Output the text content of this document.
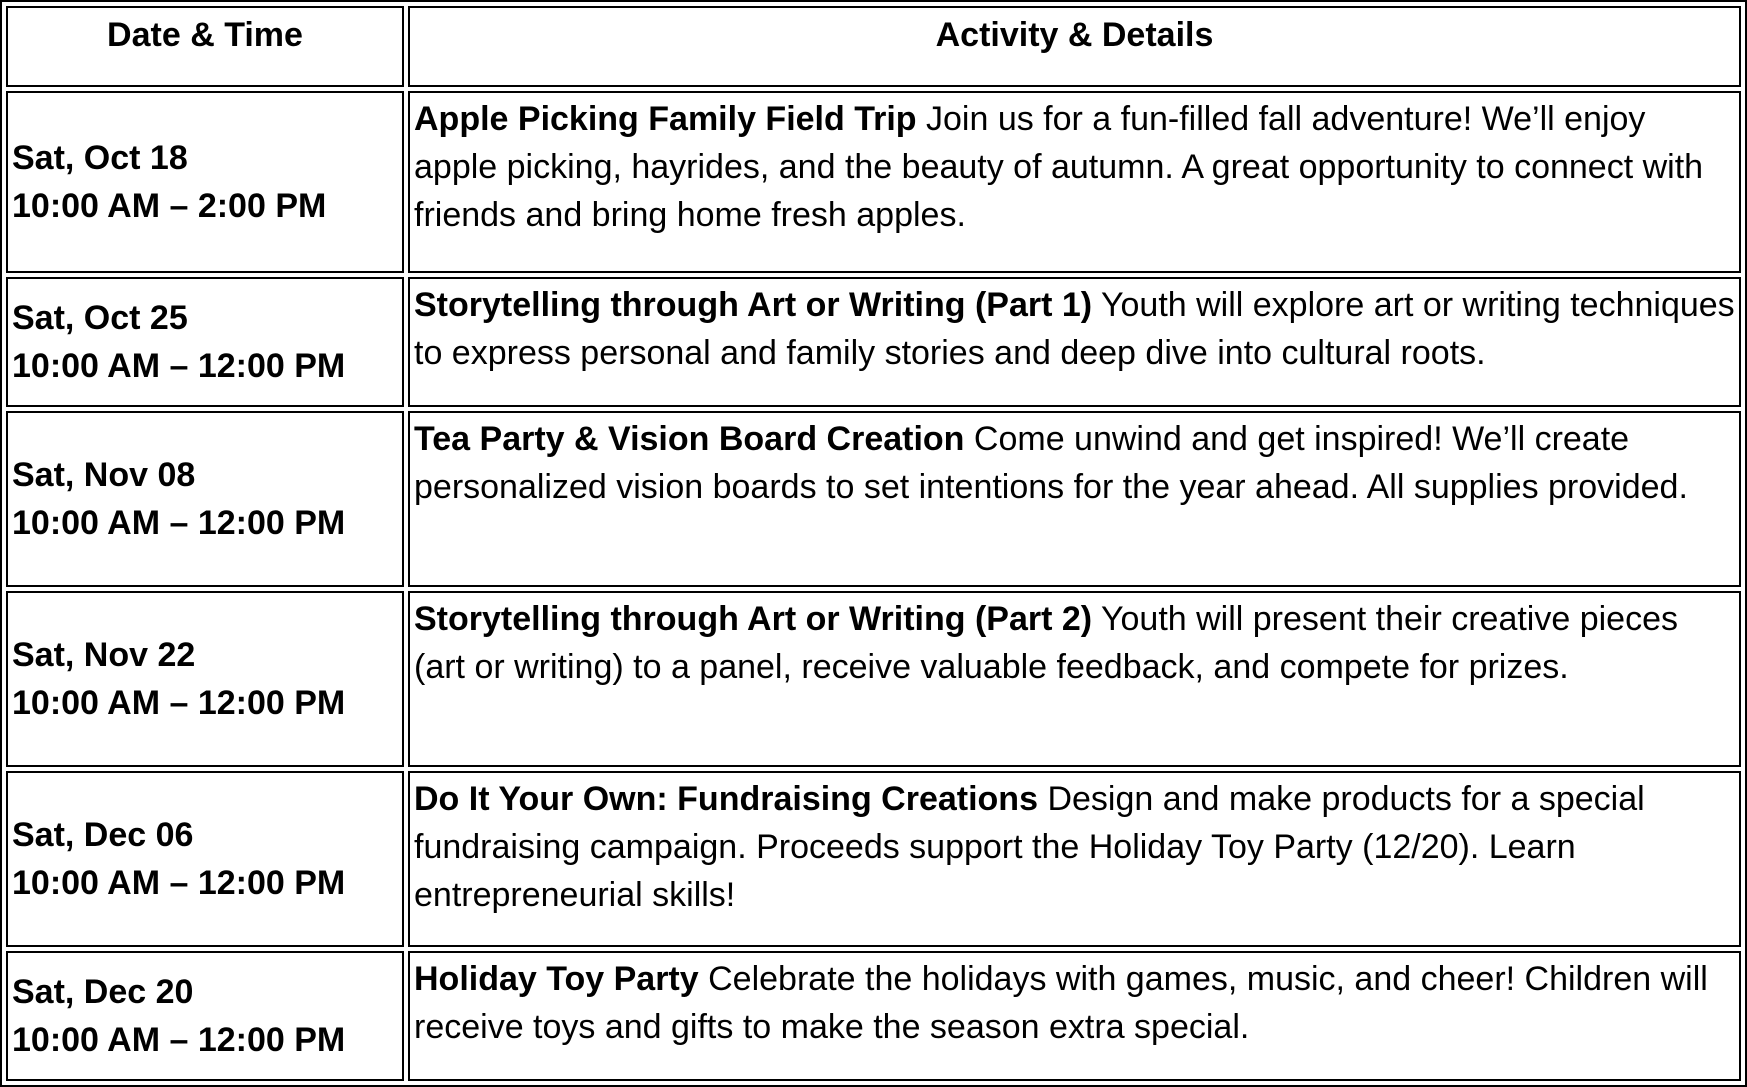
Date & Time	Activity & Details

Sat, Oct 18
10:00 AM – 2:00 PM	Apple Picking Family Field Trip Join us for a fun-filled fall adventure! We’ll enjoy apple picking, hayrides, and the beauty of autumn. A great opportunity to connect with friends and bring home fresh apples.

Sat, Oct 25
10:00 AM – 12:00 PM	Storytelling through Art or Writing (Part 1) Youth will explore art or writing techniques to express personal and family stories and deep dive into cultural roots.

Sat, Nov 08
10:00 AM – 12:00 PM	Tea Party & Vision Board Creation Come unwind and get inspired! We’ll create personalized vision boards to set intentions for the year ahead. All supplies provided.

Sat, Nov 22
10:00 AM – 12:00 PM	Storytelling through Art or Writing (Part 2) Youth will present their creative pieces (art or writing) to a panel, receive valuable feedback, and compete for prizes.

Sat, Dec 06
10:00 AM – 12:00 PM	Do It Your Own: Fundraising Creations Design and make products for a special fundraising campaign. Proceeds support the Holiday Toy Party (12/20). Learn entrepreneurial skills!

Sat, Dec 20
10:00 AM – 12:00 PM	Holiday Toy Party Celebrate the holidays with games, music, and cheer! Children will receive toys and gifts to make the season extra special.
